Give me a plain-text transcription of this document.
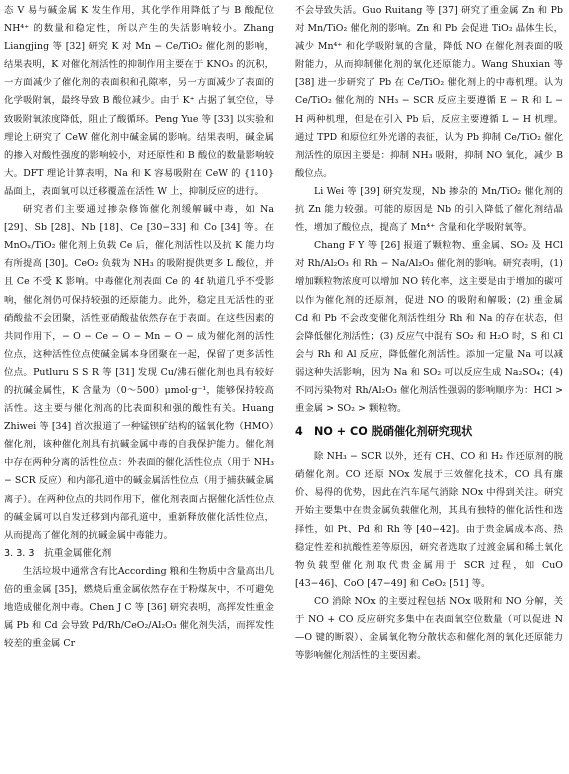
态 V 易与碱金属 K 发生作用，其化学作用降低了与 B 酸配位 NH⁴⁺ 的数量和稳定性，所以产生的失活影响较小。Zhang Liangjing 等 [32] 研究 K 对 Mn − Ce/TiO₂ 催化剂的影响，结果表明，K 对催化剂活性的抑制作用主要在于 KNO₃ 的沉积，一方面减少了催化剂的表面积和孔隙率，另一方面减少了表面的化学吸附氧，最终导致 B 酸位减少。由于 K⁺ 占据了氧空位，导致吸附氧浓度降低，阻止了酸循环。Peng Yue 等 [33] 以实验和理论上研究了 CeW 催化剂中碱金属的影响。结果表明，碱金属的掺入对酸性强度的影响较小，对还原性和 B 酸位的数量影响较大。DFT 理论计算表明，Na 和 K 容易吸附在 CeW 的 {110} 晶面上，表面氧可以迁移覆盖在活性 W 上，抑制反应的进行。

研究者们主要通过掺杂修饰催化剂缓解碱中毒，如 Na [29]、Sb [28]、Nb [18]、Ce [30−33] 和 Co [34] 等。在 MnOₓ/TiO₂ 催化剂上负载 Ce 后，催化剂活性以及抗 K 能力均有所提高 [30]。CeO₂ 负载为 NH₃ 的吸附提供更多 L 酸位，并且 Ce 不受 K 影响。中毒催化剂表面 Ce 的 4f 轨道几乎不受影响，催化剂仍可保持较强的还原能力。此外，稳定且无活性的亚硝酸盐不会团聚，活性亚硝酸盐依然存在于表面。在这些因素的共同作用下，− O − Ce − O − Mn − O − 成为催化剂的活性位点，这种活性位点使碱金属本身团聚在一起，保留了更多活性位点。Putluru S S R 等 [31] 发现 Cu/沸石催化剂也具有较好的抗碱金属性，K 含量为（0～500）μmol·g⁻¹，能够保持较高活性。这主要与催化剂高的比表面积和强的酸性有关。Huang Zhiwei 等 [34] 首次报道了一种锰钡矿结构的锰氧化物（HMO）催化剂，该种催化剂具有抗碱金属中毒的自我保护能力。催化剂中存在两种分离的活性位点：外表面的催化活性位点（用于 NH₃ − SCR 反应）和内部孔道中的碱金属活性位点（用于捕获碱金属离子）。在两种位点的共同作用下，催化剂表面占据催化活性位点的碱金属可以自发迁移到内部孔道中，重新释放催化活性位点，从而提高了催化剂的抗碱金属中毒能力。

3. 3. 3　抗重金属催化剂

生活垃圾中通常含有比According 粮和生物质中含量高出几倍的重金属 [35]，燃烧后重金属依然存在于粉煤灰中，不可避免地造成催化剂中毒。Chen J C 等 [36] 研究表明，高挥发性重金属 Pb 和 Cd 会导致 Pd/Rh/CeO₂/Al₂O₃ 催化剂失活，而挥发性较差的重金属 Cr

不会导致失活。Guo Ruitang 等 [37] 研究了重金属 Zn 和 Pb 对 Mn/TiO₂ 催化剂的影响。Zn 和 Pb 会促进 TiO₂ 晶体生长，减少 Mn⁴⁺ 和化学吸附氧的含量，降低 NO 在催化剂表面的吸附能力，从而抑制催化剂的氧化还原能力。Wang Shuxian 等 [38] 进一步研究了 Pb 在 Ce/TiO₂ 催化剂上的中毒机理。认为 Ce/TiO₂ 催化剂的 NH₃ − SCR 反应主要遵循 E − R 和 L − H 两种机理，但是在引入 Pb 后，反应主要遵循 L − H 机理。通过 TPD 和原位红外光谱的表征，认为 Pb 抑制 Ce/TiO₂ 催化剂活性的原因主要是：抑制 NH₃ 吸附，抑制 NO 氧化，减少 B 酸位点。

Li Wei 等 [39] 研究发现，Nb 掺杂的 Mn/TiO₂ 催化剂的抗 Zn 能力较强。可能的原因是 Nb 的引入降低了催化剂结晶性，增加了酸位点，提高了 Mn⁴⁺ 含量和化学吸附氧等。

Chang F Y 等 [26] 报道了颗粒物、重金属、SO₂ 及 HCl 对 Rh/Al₂O₃ 和 Rh − Na/Al₂O₃ 催化剂的影响。研究表明，(1) 增加颗粒物浓度可以增加 NO 转化率，这主要是由于增加的碳可以作为催化剂的还原剂，促进 NO 的吸附和解吸；(2) 重金属 Cd 和 Pb 不会改变催化剂活性组分 Rh 和 Na 的存在状态，但会降低催化剂活性；(3) 反应气中混有 SO₂ 和 H₂O 时，S 和 Cl 会与 Rh 和 Al 反应，降低催化剂活性。添加一定量 Na 可以减弱这种失活影响，因为 Na 和 SO₂ 可以反应生成 Na₂SO₄；(4) 不同污染物对 Rh/Al₂O₃ 催化剂活性强弱的影响顺序为：HCl > 重金属 > SO₂ > 颗粒物。

4　NO + CO 脱硝催化剂研究现状

除 NH₃ − SCR 以外，还有 CH、CO 和 H₂ 作还原剂的脱硝催化剂。CO 还原 NOx 发展于三效催化技术，CO 具有廉价、易得的优势，因此在汽车尾气消除 NOx 中得到关注。研究开始主要集中在贵金属负载催化剂，其具有独特的催化活性和选择性，如 Pt、Pd 和 Rh 等 [40−42]。由于贵金属成本高、热稳定性差和抗酸性差等原因，研究者选取了过渡金属和稀土氧化物负载型催化剂取代贵金属用于 SCR 过程，如 CuO [43−46]、CoO [47−49] 和 CeO₂ [51] 等。

CO 消除 NOx 的主要过程包括 NOx 吸附和 NO 分解，关于 NO + CO 反应研究多集中在表面氧空位数量（可以促进 N—O 键的断裂）、金属氧化物分散状态和催化剂的氧化还原能力等影响催化剂活性的主要因素。
